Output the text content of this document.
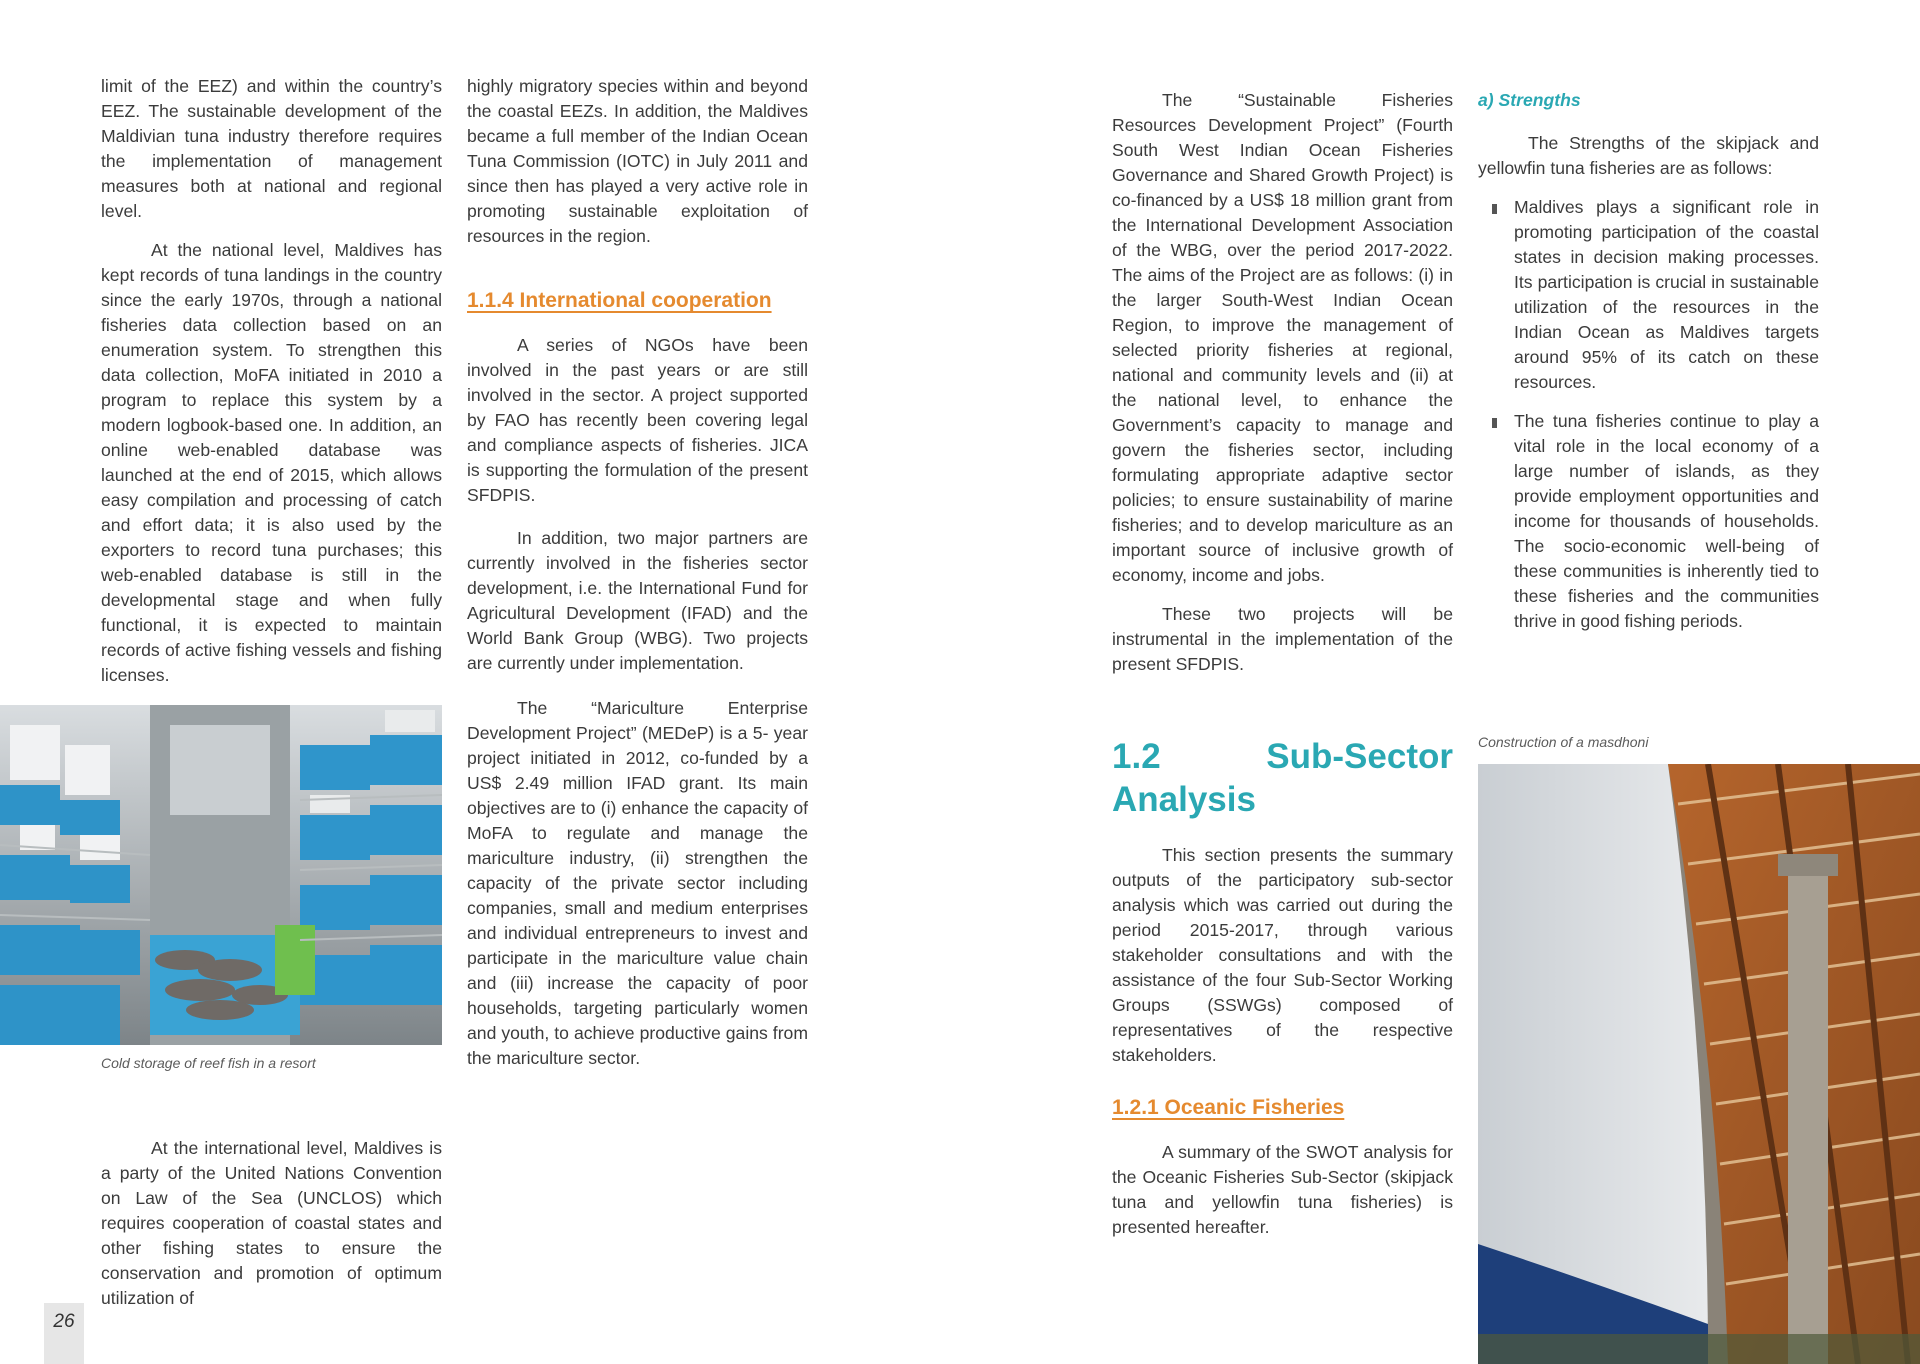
limit of the EEZ) and within the country’s EEZ. The sustainable development of the Maldivian tuna industry therefore requires the implementation of management measures both at national and regional level.

At the national level, Maldives has kept records of tuna landings in the country since the early 1970s, through a national fisheries data collection based on an enumeration system. To strengthen this data collection, MoFA initiated in 2010 a program to replace this system by a modern logbook-based one. In addition, an online web-enabled database was launched at the end of 2015, which allows easy compilation and processing of catch and effort data; it is also used by the exporters to record tuna purchases; this web-enabled database is still in the developmental stage and when fully functional, it is expected to maintain records of active fishing vessels and fishing licenses.

Cold storage of reef fish in a resort

At the international level, Maldives is a party of the United Nations Convention on Law of the Sea (UNCLOS) which requires cooperation of coastal states and other fishing states to ensure the conservation and promotion of optimum utilization of

highly migratory species within and beyond the coastal EEZs. In addition, the Maldives became a full member of the Indian Ocean Tuna Commission (IOTC) in July 2011 and since then has played a very active role in promoting sustainable exploitation of resources in the region.

1.1.4 International cooperation

A series of NGOs have been involved in the past years or are still involved in the sector. A project supported by FAO has recently been covering legal and compliance aspects of fisheries. JICA is supporting the formulation of the present SFDPIS.

In addition, two major partners are currently involved in the fisheries sector development, i.e. the International Fund for Agricultural Development (IFAD) and the World Bank Group (WBG). Two projects are currently under implementation.

The “Mariculture Enterprise Development Project” (MEDeP) is a 5- year project initiated in 2012, co-funded by a US$ 2.49 million IFAD grant. Its main objectives are to (i) enhance the capacity of MoFA to regulate and manage the mariculture industry, (ii) strengthen the capacity of the private sector including companies, small and medium enterprises and individual entrepreneurs to invest and participate in the mariculture value chain and (iii) increase the capacity of poor households, targeting particularly women and youth, to achieve productive gains from the mariculture sector.

The “Sustainable Fisheries Resources Development Project” (Fourth South West Indian Ocean Fisheries Governance and Shared Growth Project) is co-financed by a US$ 18 million grant from the International Development Association of the WBG, over the period 2017-2022. The aims of the Project are as follows: (i) in the larger South-West Indian Ocean Region, to improve the management of selected priority fisheries at regional, national and community levels and (ii) at the national level, to enhance the Government’s capacity to manage and govern the fisheries sector, including formulating appropriate adaptive sector policies; to ensure sustainability of marine fisheries; and to develop mariculture as an important source of inclusive growth of economy, income and jobs.

These two projects will be instrumental in the implementation of the present SFDPIS.

1.2 Sub-Sector Analysis

This section presents the summary outputs of the participatory sub-sector analysis which was carried out during the period 2015-2017, through various stakeholder consultations and with the assistance of the four Sub-Sector Working Groups (SSWGs) composed of representatives of the respective stakeholders.

1.2.1 Oceanic Fisheries

A summary of the SWOT analysis for the Oceanic Fisheries Sub-Sector (skipjack tuna and yellowfin tuna fisheries) is presented hereafter.

a) Strengths

The Strengths of the skipjack and yellowfin tuna fisheries are as follows:

Maldives plays a significant role in promoting participation of the coastal states in decision making processes. Its participation is crucial in sustainable utilization of the resources in the Indian Ocean as Maldives targets around 95% of its catch on these resources.
The tuna fisheries continue to play a vital role in the local economy of a large number of islands, as they provide employment opportunities and income for thousands of households. The socio-economic well-being of these communities is inherently tied to these fisheries and the communities thrive in good fishing periods.
Construction of a masdhoni
26
